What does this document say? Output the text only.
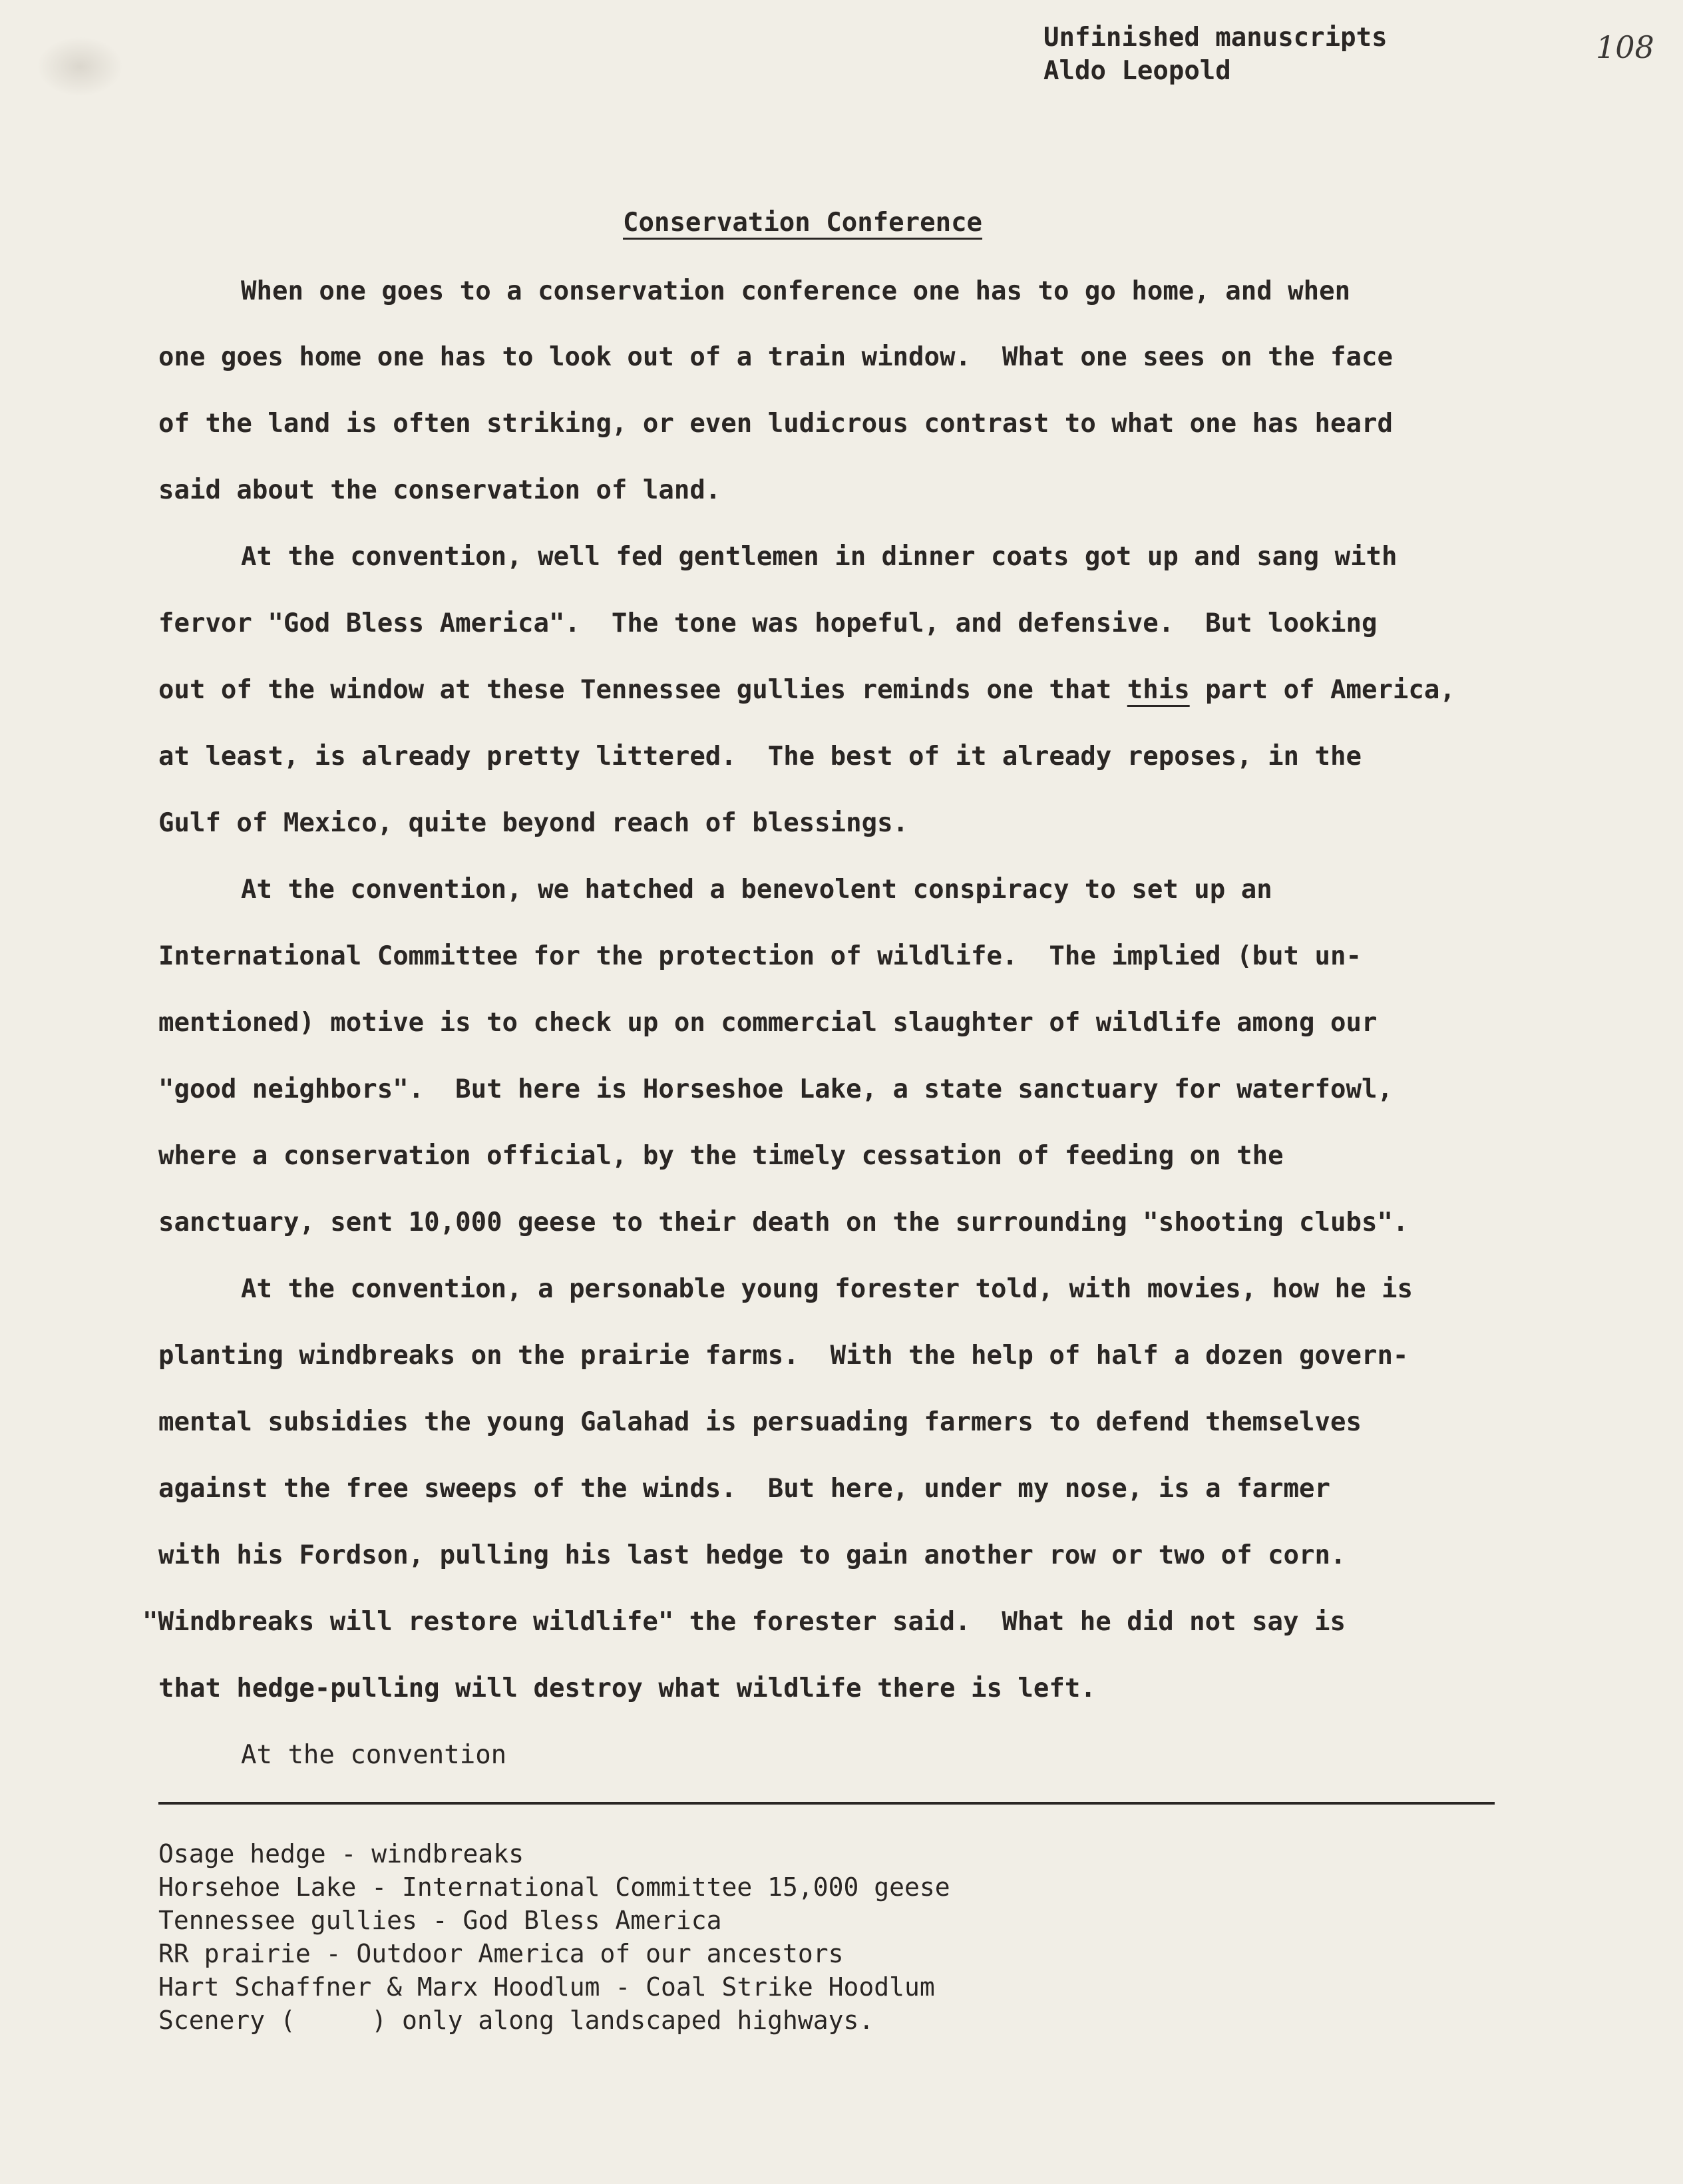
Unfinished manuscripts
Aldo Leopold
108
Conservation Conference
When one goes to a conservation conference one has to go home, and when
one goes home one has to look out of a train window.  What one sees on the face
of the land is often striking, or even ludicrous contrast to what one has heard
said about the conservation of land.
At the convention, well fed gentlemen in dinner coats got up and sang with
fervor "God Bless America".  The tone was hopeful, and defensive.  But looking
out of the window at these Tennessee gullies reminds one that this part of America,
at least, is already pretty littered.  The best of it already reposes, in the
Gulf of Mexico, quite beyond reach of blessings.
At the convention, we hatched a benevolent conspiracy to set up an
International Committee for the protection of wildlife.  The implied (but un-
mentioned) motive is to check up on commercial slaughter of wildlife among our
"good neighbors".  But here is Horseshoe Lake, a state sanctuary for waterfowl,
where a conservation official, by the timely cessation of feeding on the
sanctuary, sent 10,000 geese to their death on the surrounding "shooting clubs".
At the convention, a personable young forester told, with movies, how he is
planting windbreaks on the prairie farms.  With the help of half a dozen govern-
mental subsidies the young Galahad is persuading farmers to defend themselves
against the free sweeps of the winds.  But here, under my nose, is a farmer
with his Fordson, pulling his last hedge to gain another row or two of corn.
"Windbreaks will restore wildlife" the forester said.  What he did not say is
that hedge-pulling will destroy what wildlife there is left.
At the convention
Osage hedge - windbreaks
Horsehoe Lake - International Committee 15,000 geese
Tennessee gullies - God Bless America
RR prairie - Outdoor America of our ancestors
Hart Schaffner & Marx Hoodlum - Coal Strike Hoodlum
Scenery (     ) only along landscaped highways.
